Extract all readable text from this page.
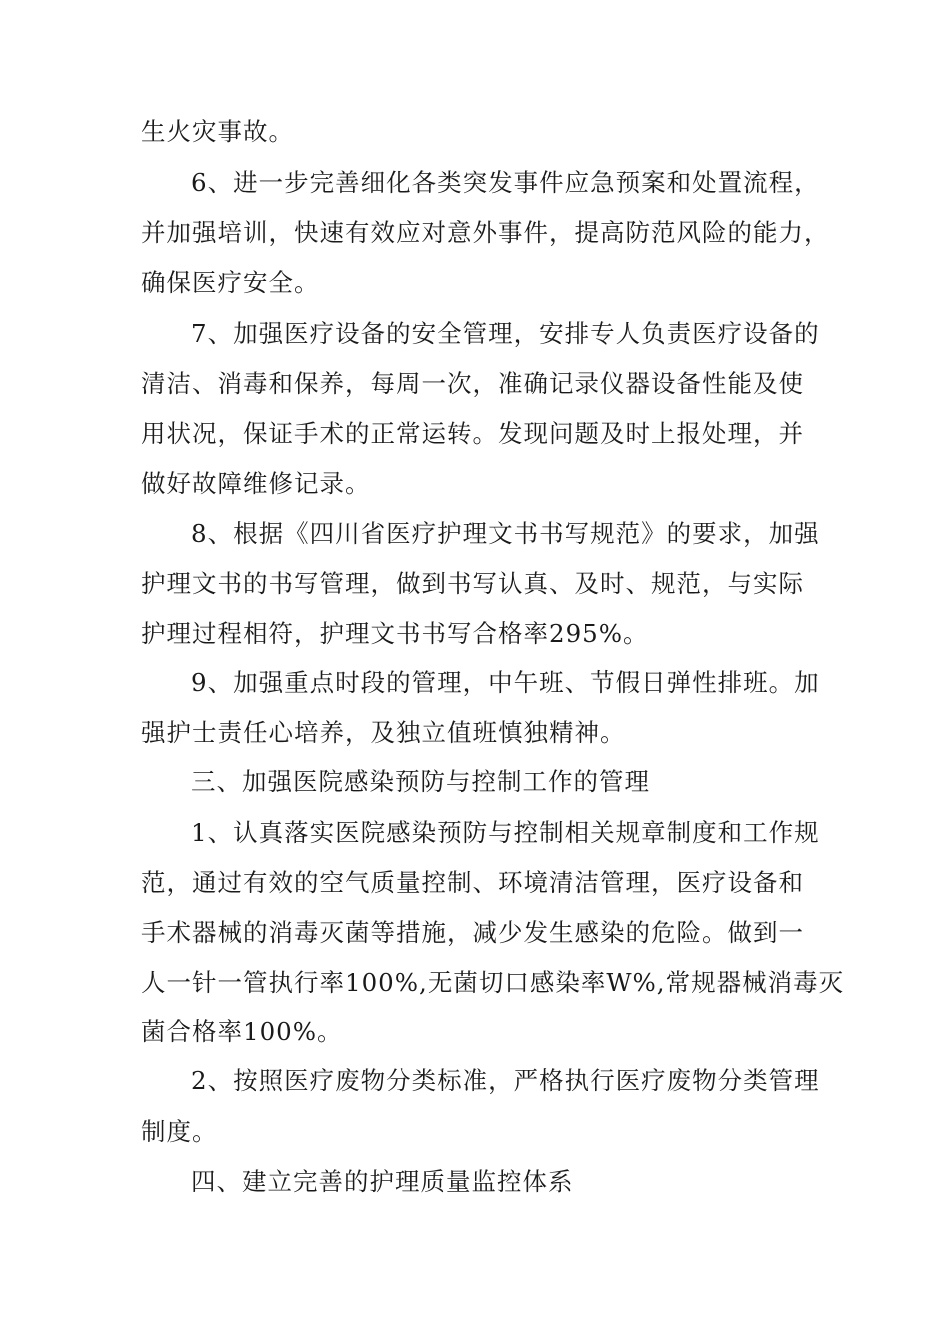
生火灾事故。
6、进一步完善细化各类突发事件应急预案和处置流程，
并加强培训，快速有效应对意外事件，提高防范风险的能力，
确保医疗安全。
7、加强医疗设备的安全管理，安排专人负责医疗设备的
清洁、消毒和保养，每周一次，准确记录仪器设备性能及使
用状况，保证手术的正常运转。发现问题及时上报处理，并
做好故障维修记录。
8、根据《四川省医疗护理文书书写规范》的要求，加强
护理文书的书写管理，做到书写认真、及时、规范，与实际
护理过程相符，护理文书书写合格率295%。
9、加强重点时段的管理，中午班、节假日弹性排班。加
强护士责任心培养，及独立值班慎独精神。
三、加强医院感染预防与控制工作的管理
1、认真落实医院感染预防与控制相关规章制度和工作规
范，通过有效的空气质量控制、环境清洁管理，医疗设备和
手术器械的消毒灭菌等措施，减少发生感染的危险。做到一
人一针一管执行率100%,无菌切口感染率W%,常规器械消毒灭
菌合格率100%。
2、按照医疗废物分类标准，严格执行医疗废物分类管理
制度。
四、建立完善的护理质量监控体系
